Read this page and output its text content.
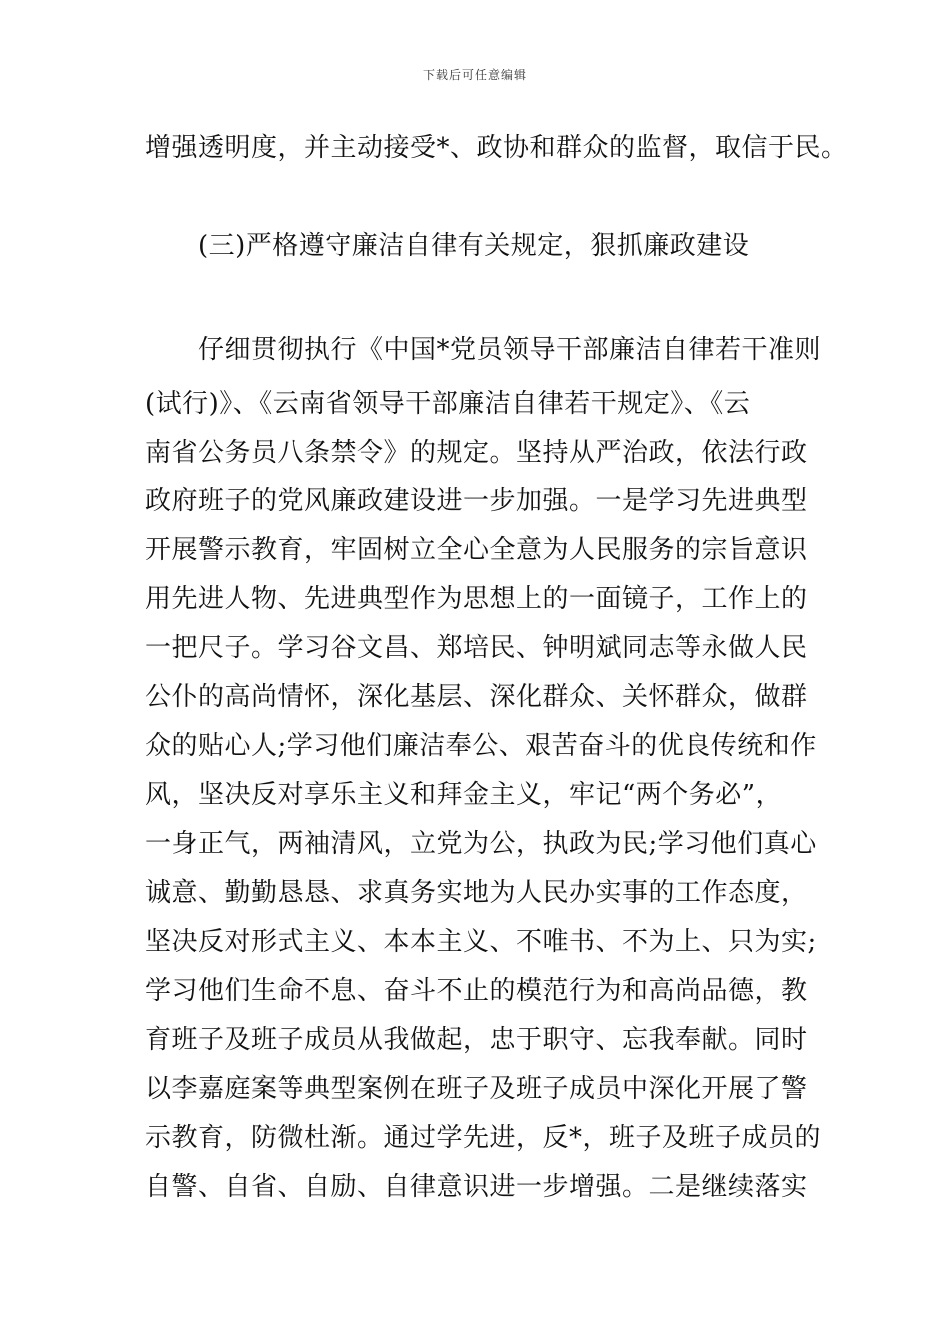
下载后可任意编辑
增强透明度，并主动接受*、政协和群众的监督，取信于民。
(三)严格遵守廉洁自律有关规定，狠抓廉政建设
仔细贯彻执行《中国*党员领导干部廉洁自律若干准则
(试行)》、《云南省领导干部廉洁自律若干规定》、《云
南省公务员八条禁令》的规定。坚持从严治政，依法行政
政府班子的党风廉政建设进一步加强。一是学习先进典型
开展警示教育，牢固树立全心全意为人民服务的宗旨意识
用先进人物、先进典型作为思想上的一面镜子，工作上的
一把尺子。学习谷文昌、郑培民、钟明斌同志等永做人民
公仆的高尚情怀，深化基层、深化群众、关怀群众，做群
众的贴心人;学习他们廉洁奉公、艰苦奋斗的优良传统和作
风，坚决反对享乐主义和拜金主义，牢记“两个务必”，
一身正气，两袖清风，立党为公，执政为民;学习他们真心
诚意、勤勤恳恳、求真务实地为人民办实事的工作态度，
坚决反对形式主义、本本主义、不唯书、不为上、只为实;
学习他们生命不息、奋斗不止的模范行为和高尚品德，教
育班子及班子成员从我做起，忠于职守、忘我奉献。同时
以李嘉庭案等典型案例在班子及班子成员中深化开展了警
示教育，防微杜渐。通过学先进，反*，班子及班子成员的
自警、自省、自励、自律意识进一步增强。二是继续落实
